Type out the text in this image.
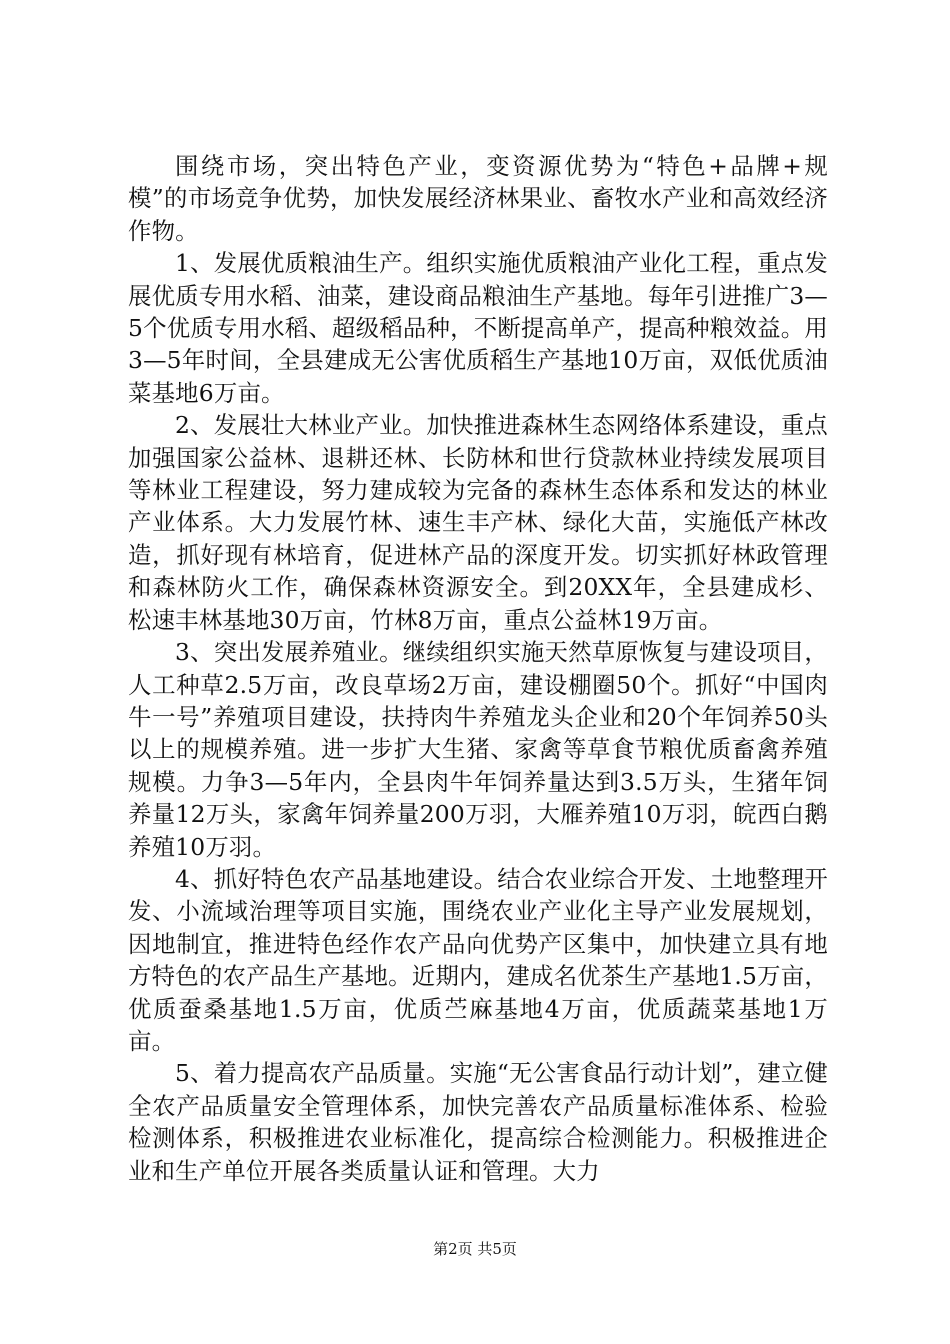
围绕市场，突出特色产业，变资源优势为“特色+品牌+规模”的市场竞争优势，加快发展经济林果业、畜牧水产业和高效经济作物。

1、发展优质粮油生产。组织实施优质粮油产业化工程，重点发展优质专用水稻、油菜，建设商品粮油生产基地。每年引进推广3—5个优质专用水稻、超级稻品种，不断提高单产，提高种粮效益。用3—5年时间，全县建成无公害优质稻生产基地10万亩，双低优质油菜基地6万亩。

2、发展壮大林业产业。加快推进森林生态网络体系建设，重点加强国家公益林、退耕还林、长防林和世行贷款林业持续发展项目等林业工程建设，努力建成较为完备的森林生态体系和发达的林业产业体系。大力发展竹林、速生丰产林、绿化大苗，实施低产林改造，抓好现有林培育，促进林产品的深度开发。切实抓好林政管理和森林防火工作，确保森林资源安全。到20XX年，全县建成杉、松速丰林基地30万亩，竹林8万亩，重点公益林19万亩。

3、突出发展养殖业。继续组织实施天然草原恢复与建设项目，人工种草2.5万亩，改良草场2万亩，建设棚圈50个。抓好“中国肉牛一号”养殖项目建设，扶持肉牛养殖龙头企业和20个年饲养50头以上的规模养殖。进一步扩大生猪、家禽等草食节粮优质畜禽养殖规模。力争3—5年内，全县肉牛年饲养量达到3.5万头，生猪年饲养量12万头，家禽年饲养量200万羽，大雁养殖10万羽，皖西白鹅养殖10万羽。

4、抓好特色农产品基地建设。结合农业综合开发、土地整理开发、小流域治理等项目实施，围绕农业产业化主导产业发展规划，因地制宜，推进特色经作农产品向优势产区集中，加快建立具有地方特色的农产品生产基地。近期内，建成名优茶生产基地1.5万亩，优质蚕桑基地1.5万亩，优质苎麻基地4万亩，优质蔬菜基地1万亩。

5、着力提高农产品质量。实施“无公害食品行动计划”，建立健全农产品质量安全管理体系，加快完善农产品质量标准体系、检验检测体系，积极推进农业标准化，提高综合检测能力。积极推进企业和生产单位开展各类质量认证和管理。大力

第2页 共5页
